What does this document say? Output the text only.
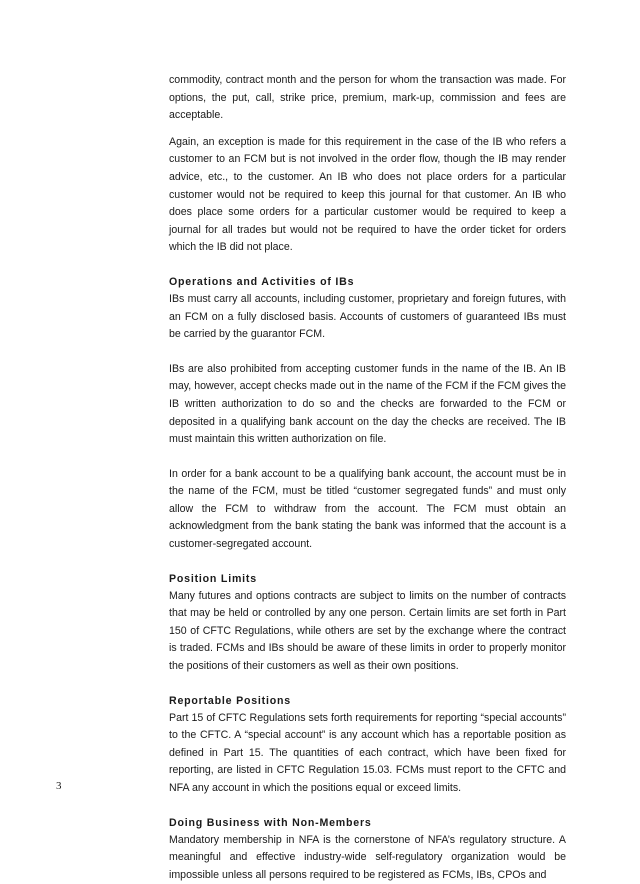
commodity, contract month and the person for whom the transaction was made. For options, the put, call, strike price, premium, mark-up, commission and fees are acceptable.

Again, an exception is made for this requirement in the case of the IB who refers a customer to an FCM but is not involved in the order flow, though the IB may render advice, etc., to the customer. An IB who does not place orders for a particular customer would not be required to keep this journal for that customer. An IB who does place some orders for a particular customer would be required to keep a journal for all trades but would not be required to have the order ticket for orders which the IB did not place.

Operations and Activities of IBs

IBs must carry all accounts, including customer, proprietary and foreign futures, with an FCM on a fully disclosed basis. Accounts of customers of guaranteed IBs must be carried by the guarantor FCM.

IBs are also prohibited from accepting customer funds in the name of the IB. An IB may, however, accept checks made out in the name of the FCM if the FCM gives the IB written authorization to do so and the checks are forwarded to the FCM or deposited in a qualifying bank account on the day the checks are received. The IB must maintain this written authorization on file.

In order for a bank account to be a qualifying bank account, the account must be in the name of the FCM, must be titled “customer segregated funds” and must only allow the FCM to withdraw from the account. The FCM must obtain an acknowledgment from the bank stating the bank was informed that the account is a customer-segregated account.

Position Limits

Many futures and options contracts are subject to limits on the number of contracts that may be held or controlled by any one person. Certain limits are set forth in Part 150 of CFTC Regulations, while others are set by the exchange where the contract is traded. FCMs and IBs should be aware of these limits in order to properly monitor the positions of their customers as well as their own positions.

Reportable Positions

Part 15 of CFTC Regulations sets forth requirements for reporting “special accounts” to the CFTC. A “special account” is any account which has a reportable position as defined in Part 15. The quantities of each contract, which have been fixed for reporting, are listed in CFTC Regulation 15.03. FCMs must report to the CFTC and NFA any account in which the positions equal or exceed limits.

Doing Business with Non-Members

Mandatory membership in NFA is the cornerstone of NFA’s regulatory structure. A meaningful and effective industry-wide self-regulatory organization would be impossible unless all persons required to be registered as FCMs, IBs, CPOs and

3
